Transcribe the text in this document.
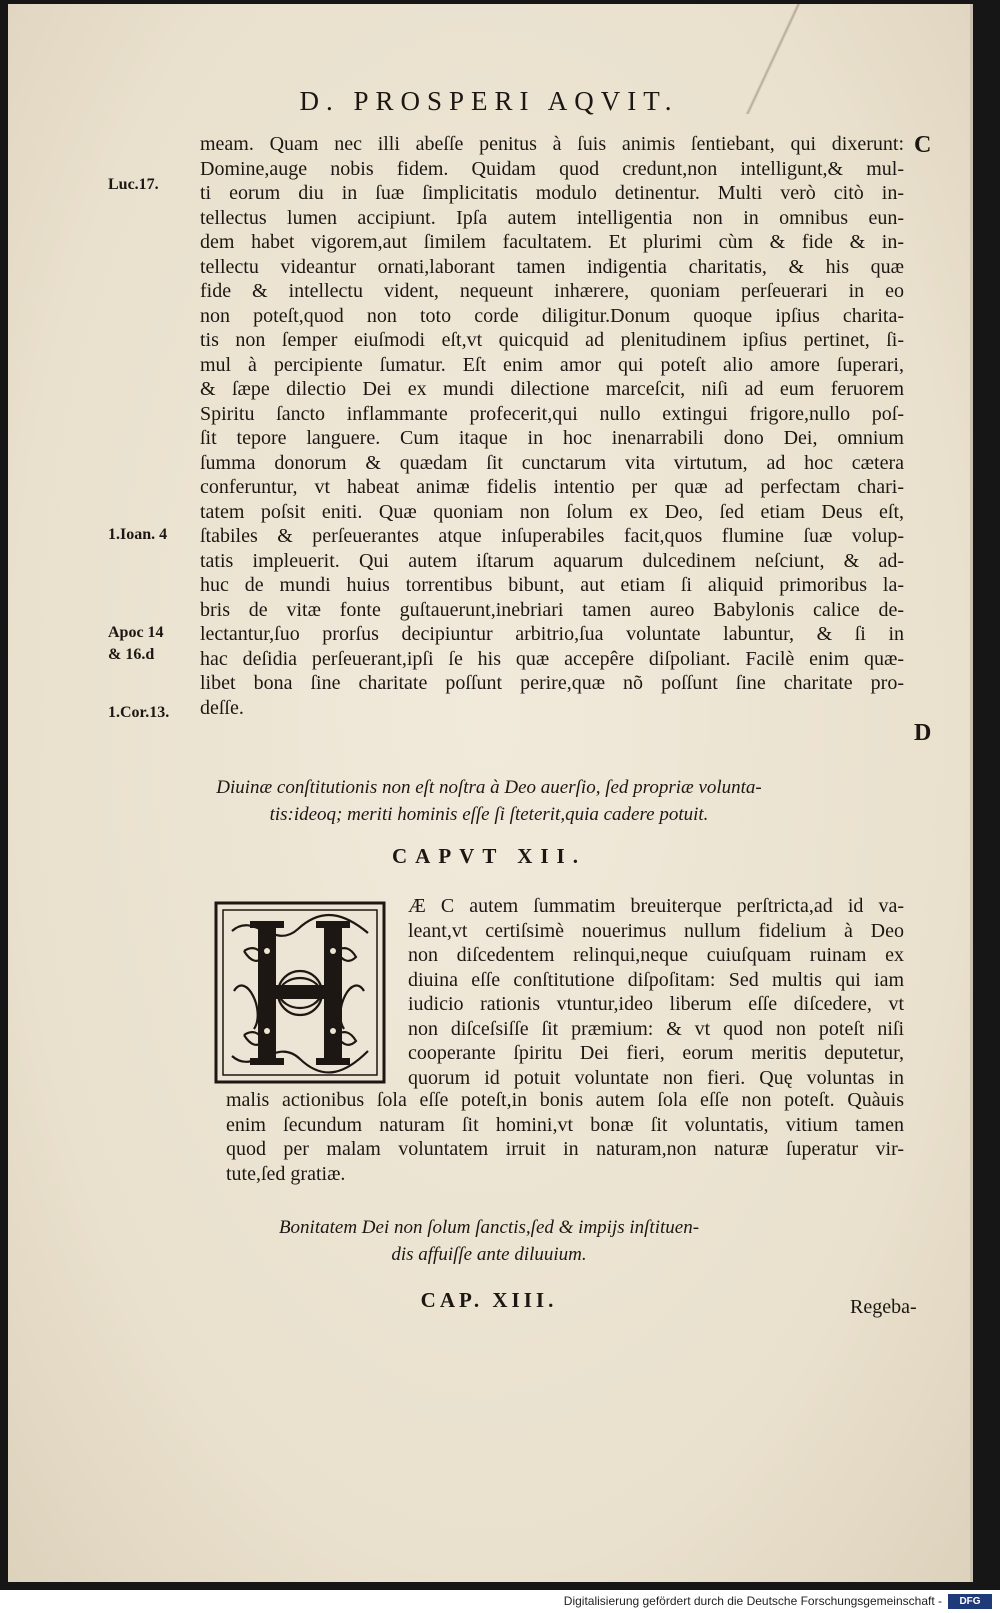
D. PROSPERI AQVIT.
C
D
Luc.17.
1.Ioan. 4
Apoc 14
& 16.d
1.Cor.13.
meam. Quam nec illi abeſſe penitus à ſuis animis ſentiebant, qui dixerunt:
Domine,auge nobis fidem. Quidam quod credunt,non intelligunt,& mul-
ti eorum diu in ſuæ ſimplicitatis modulo detinentur. Multi verò citò in-
tellectus lumen accipiunt. Ipſa autem intelligentia non in omnibus eun-
dem habet vigorem,aut ſimilem facultatem. Et plurimi cùm & fide & in-
tellectu videantur ornati,laborant tamen indigentia charitatis, & his quæ
fide & intellectu vident, nequeunt inhærere, quoniam perſeuerari in eo
non poteſt,quod non toto corde diligitur.Donum quoque ipſius charita-
tis non ſemper eiuſmodi eſt,vt quicquid ad plenitudinem ipſius pertinet, ſi-
mul à percipiente ſumatur. Eſt enim amor qui poteſt alio amore ſuperari,
& ſæpe dilectio Dei ex mundi dilectione marceſcit, niſi ad eum feruorem
Spiritu ſancto inflammante profecerit,qui nullo extingui frigore,nullo poſ-
ſit tepore languere. Cum itaque in hoc inenarrabili dono Dei, omnium
ſumma donorum & quædam ſit cunctarum vita virtutum, ad hoc cætera
conferuntur, vt habeat animæ fidelis intentio per quæ ad perfectam chari-
tatem poſsit eniti. Quæ quoniam non ſolum ex Deo, ſed etiam Deus eſt,
ſtabiles & perſeuerantes atque inſuperabiles facit,quos flumine ſuæ volup-
tatis impleuerit. Qui autem iſtarum aquarum dulcedinem neſciunt, & ad-
huc de mundi huius torrentibus bibunt, aut etiam ſi aliquid primoribus la-
bris de vitæ fonte guſtauerunt,inebriari tamen aureo Babylonis calice de-
lectantur,ſuo prorſus decipiuntur arbitrio,ſua voluntate labuntur, & ſi in
hac deſidia perſeuerant,ipſi ſe his quæ accepêre diſpoliant. Facilè enim quæ-
libet bona ſine charitate poſſunt perire,quæ nõ poſſunt ſine charitate pro-
deſſe.
Diuinæ conſtitutionis non eſt noſtra à Deo auerſio, ſed propriæ volunta-
tis:ideoq; meriti hominis eſſe ſi ſteterit,quia cadere potuit.
CAPVT XII.
Æ C autem ſummatim breuiterque perſtricta,ad id va-
leant,vt certiſsimè nouerimus nullum fidelium à Deo
non diſcedentem relinqui,neque cuiuſquam ruinam ex
diuina eſſe conſtitutione diſpoſitam: Sed multis qui iam
iudicio rationis vtuntur,ideo liberum eſſe diſcedere, vt
non diſceſsiſſe ſit præmium: & vt quod non poteſt niſi
cooperante ſpiritu Dei fieri, eorum meritis deputetur,
quorum id potuit voluntate non fieri. Quę voluntas in
malis actionibus ſola eſſe poteſt,in bonis autem ſola eſſe non poteſt. Quàuis
enim ſecundum naturam ſit homini,vt bonæ ſit voluntatis, vitium tamen
quod per malam voluntatem irruit in naturam,non naturæ ſuperatur vir-
tute,ſed gratiæ.
Bonitatem Dei non ſolum ſanctis,ſed & impijs inſtituen-
dis affuiſſe ante diluuium.
CAP. XIII.	Regeba-
Digitalisierung gefördert durch die Deutsche Forschungsgemeinschaft -	DFG
